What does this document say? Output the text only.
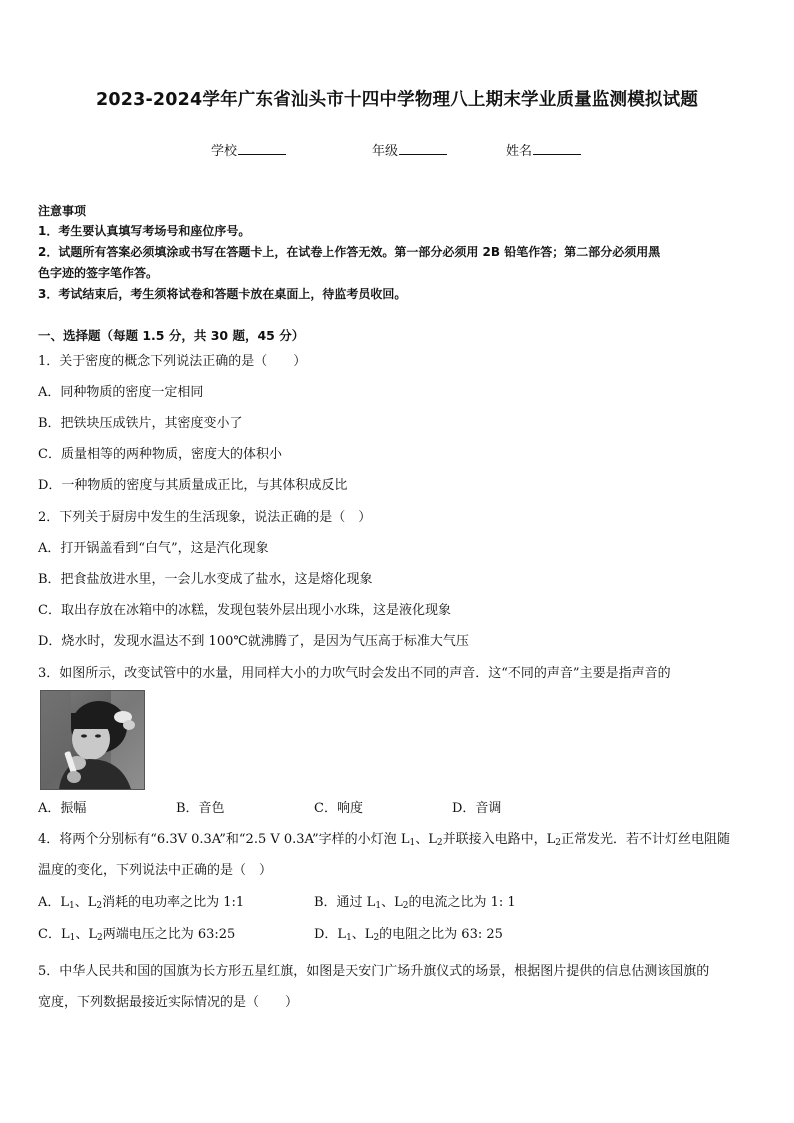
2023-2024学年广东省汕头市十四中学物理八上期末学业质量监测模拟试题
学校	年级	姓名
注意事项
1．考生要认真填写考场号和座位序号。
2．试题所有答案必须填涂或书写在答题卡上，在试卷上作答无效。第一部分必须用 2B 铅笔作答；第二部分必须用黑
色字迹的签字笔作答。
3．考试结束后，考生须将试卷和答题卡放在桌面上，待监考员收回。
一、选择题（每题 1.5 分，共 30 题，45 分）
1．关于密度的概念下列说法正确的是（　　）
A．同种物质的密度一定相同
B．把铁块压成铁片，其密度变小了
C．质量相等的两种物质，密度大的体积小
D．一种物质的密度与其质量成正比，与其体积成反比
2．下列关于厨房中发生的生活现象，说法正确的是（　）
A．打开锅盖看到“白气”，这是汽化现象
B．把食盐放进水里，一会儿水变成了盐水，这是熔化现象
C．取出存放在冰箱中的冰糕，发现包装外层出现小水珠，这是液化现象
D．烧水时，发现水温达不到 100℃就沸腾了，是因为气压高于标准大气压
3．如图所示，改变试管中的水量，用同样大小的力吹气时会发出不同的声音．这“不同的声音”主要是指声音的
A．振幅	B．音色	C．响度	D．音调
4．将两个分别标有“6.3V 0.3A”和“2.5 V 0.3A”字样的小灯泡 $L_1$、$L_2$并联接入电路中，$L_2$正常发光．若不计灯丝电阻随
温度的变化，下列说法中正确的是（　）
A．$L_1$、$L_2$消耗的电功率之比为 1:1	B．通过 $L_1$、$L_2$的电流之比为 1: 1
C．$L_1$、$L_2$两端电压之比为 63:25	D．$L_1$、$L_2$的电阻之比为 63: 25
5．中华人民共和国的国旗为长方形五星红旗，如图是天安门广场升旗仪式的场景，根据图片提供的信息估测该国旗的
宽度，下列数据最接近实际情况的是（　　）
